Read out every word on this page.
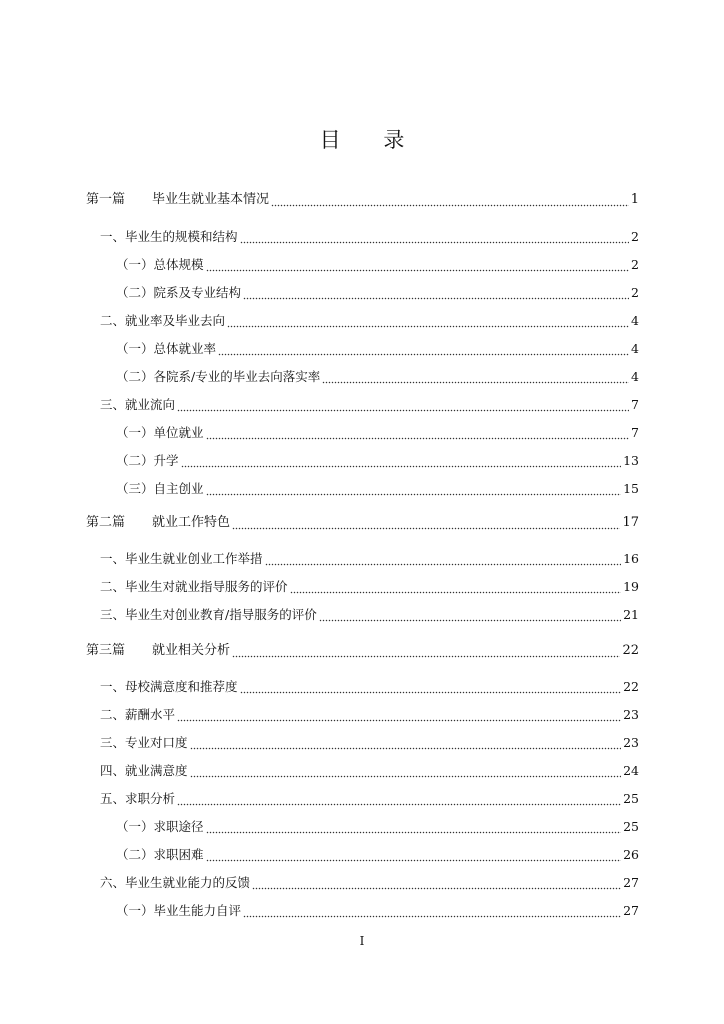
目 录
第一篇	毕业生就业基本情况	1
一、毕业生的规模和结构	2
（一）总体规模	2
（二）院系及专业结构	2
二、就业率及毕业去向	4
（一）总体就业率	4
（二）各院系/专业的毕业去向落实率	4
三、就业流向	7
（一）单位就业	7
（二）升学	13
（三）自主创业	15
第二篇	就业工作特色	17
一、毕业生就业创业工作举措	16
二、毕业生对就业指导服务的评价	19
三、毕业生对创业教育/指导服务的评价	21
第三篇	就业相关分析	22
一、母校满意度和推荐度	22
二、薪酬水平	23
三、专业对口度	23
四、就业满意度	24
五、求职分析	25
（一）求职途径	25
（二）求职困难	26
六、毕业生就业能力的反馈	27
（一）毕业生能力自评	27
I
